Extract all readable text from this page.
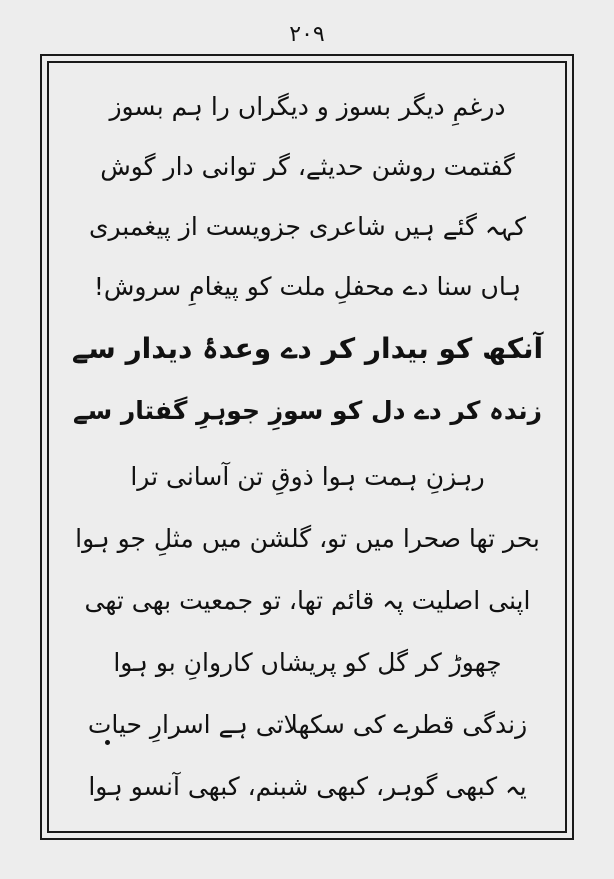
۲۰۹
درغمِ دیگر بسوز و دیگراں را ہم بسوز
گفتمت روشن حدیثے، گر توانی دار گوش
کہہ گئے ہیں شاعری جزویست از پیغمبری
ہاں سنا دے محفلِ ملت کو پیغامِ سروش!
آنکھ کو بیدار کر دے وعدۂ دیدار سے
زندہ کر دے دل کو سوزِ جوہرِ گفتار سے
رہزنِ ہمت ہوا ذوقِ تن آسانی ترا
بحر تھا صحرا میں تو، گلشن میں مثلِ جو ہوا
اپنی اصلیت پہ قائم تھا، تو جمعیت بھی تھی
چھوڑ کر گل کو پریشاں کاروانِ بو ہوا
زندگی قطرے کی سکھلاتی ہے اسرارِ حیات
یہ کبھی گوہر، کبھی شبنم، کبھی آنسو ہوا
